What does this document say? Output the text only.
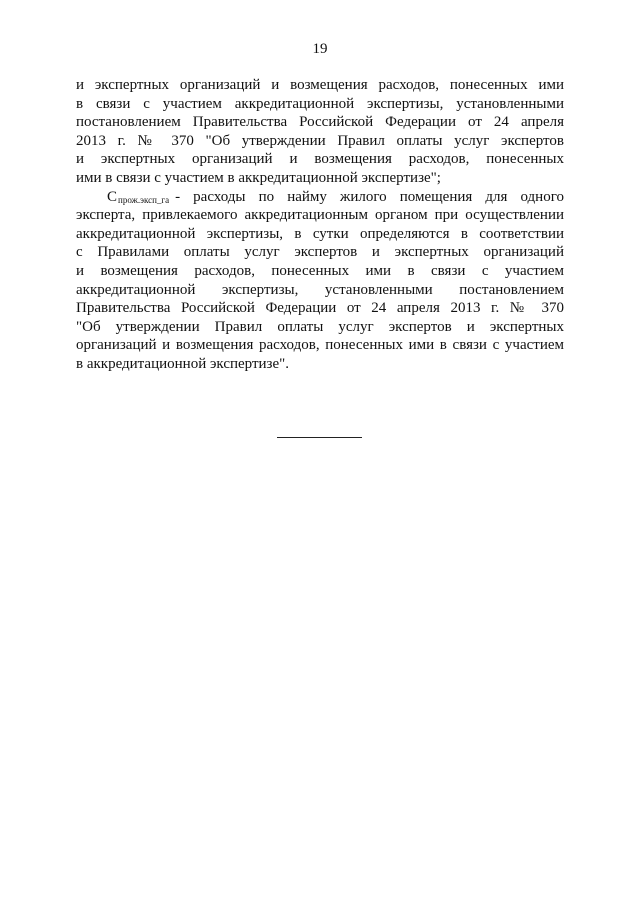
19
и экспертных организаций и возмещения расходов, понесенных ими
в связи с участием аккредитационной экспертизы, установленными
постановлением Правительства Российской Федерации от 24 апреля
2013 г. № 370 "Об утверждении Правил оплаты услуг экспертов
и экспертных организаций и возмещения расходов, понесенных
ими в связи с участием в аккредитационной экспертизе";
$C_{прож.эксп\_га}$ - расходы по найму жилого помещения для одного
эксперта, привлекаемого аккредитационным органом при осуществлении
аккредитационной экспертизы, в сутки определяются в соответствии
с Правилами оплаты услуг экспертов и экспертных организаций
и возмещения расходов, понесенных ими в связи с участием
аккредитационной экспертизы, установленными постановлением
Правительства Российской Федерации от 24 апреля 2013 г. № 370
"Об утверждении Правил оплаты услуг экспертов и экспертных
организаций и возмещения расходов, понесенных ими в связи с участием
в аккредитационной экспертизе".
